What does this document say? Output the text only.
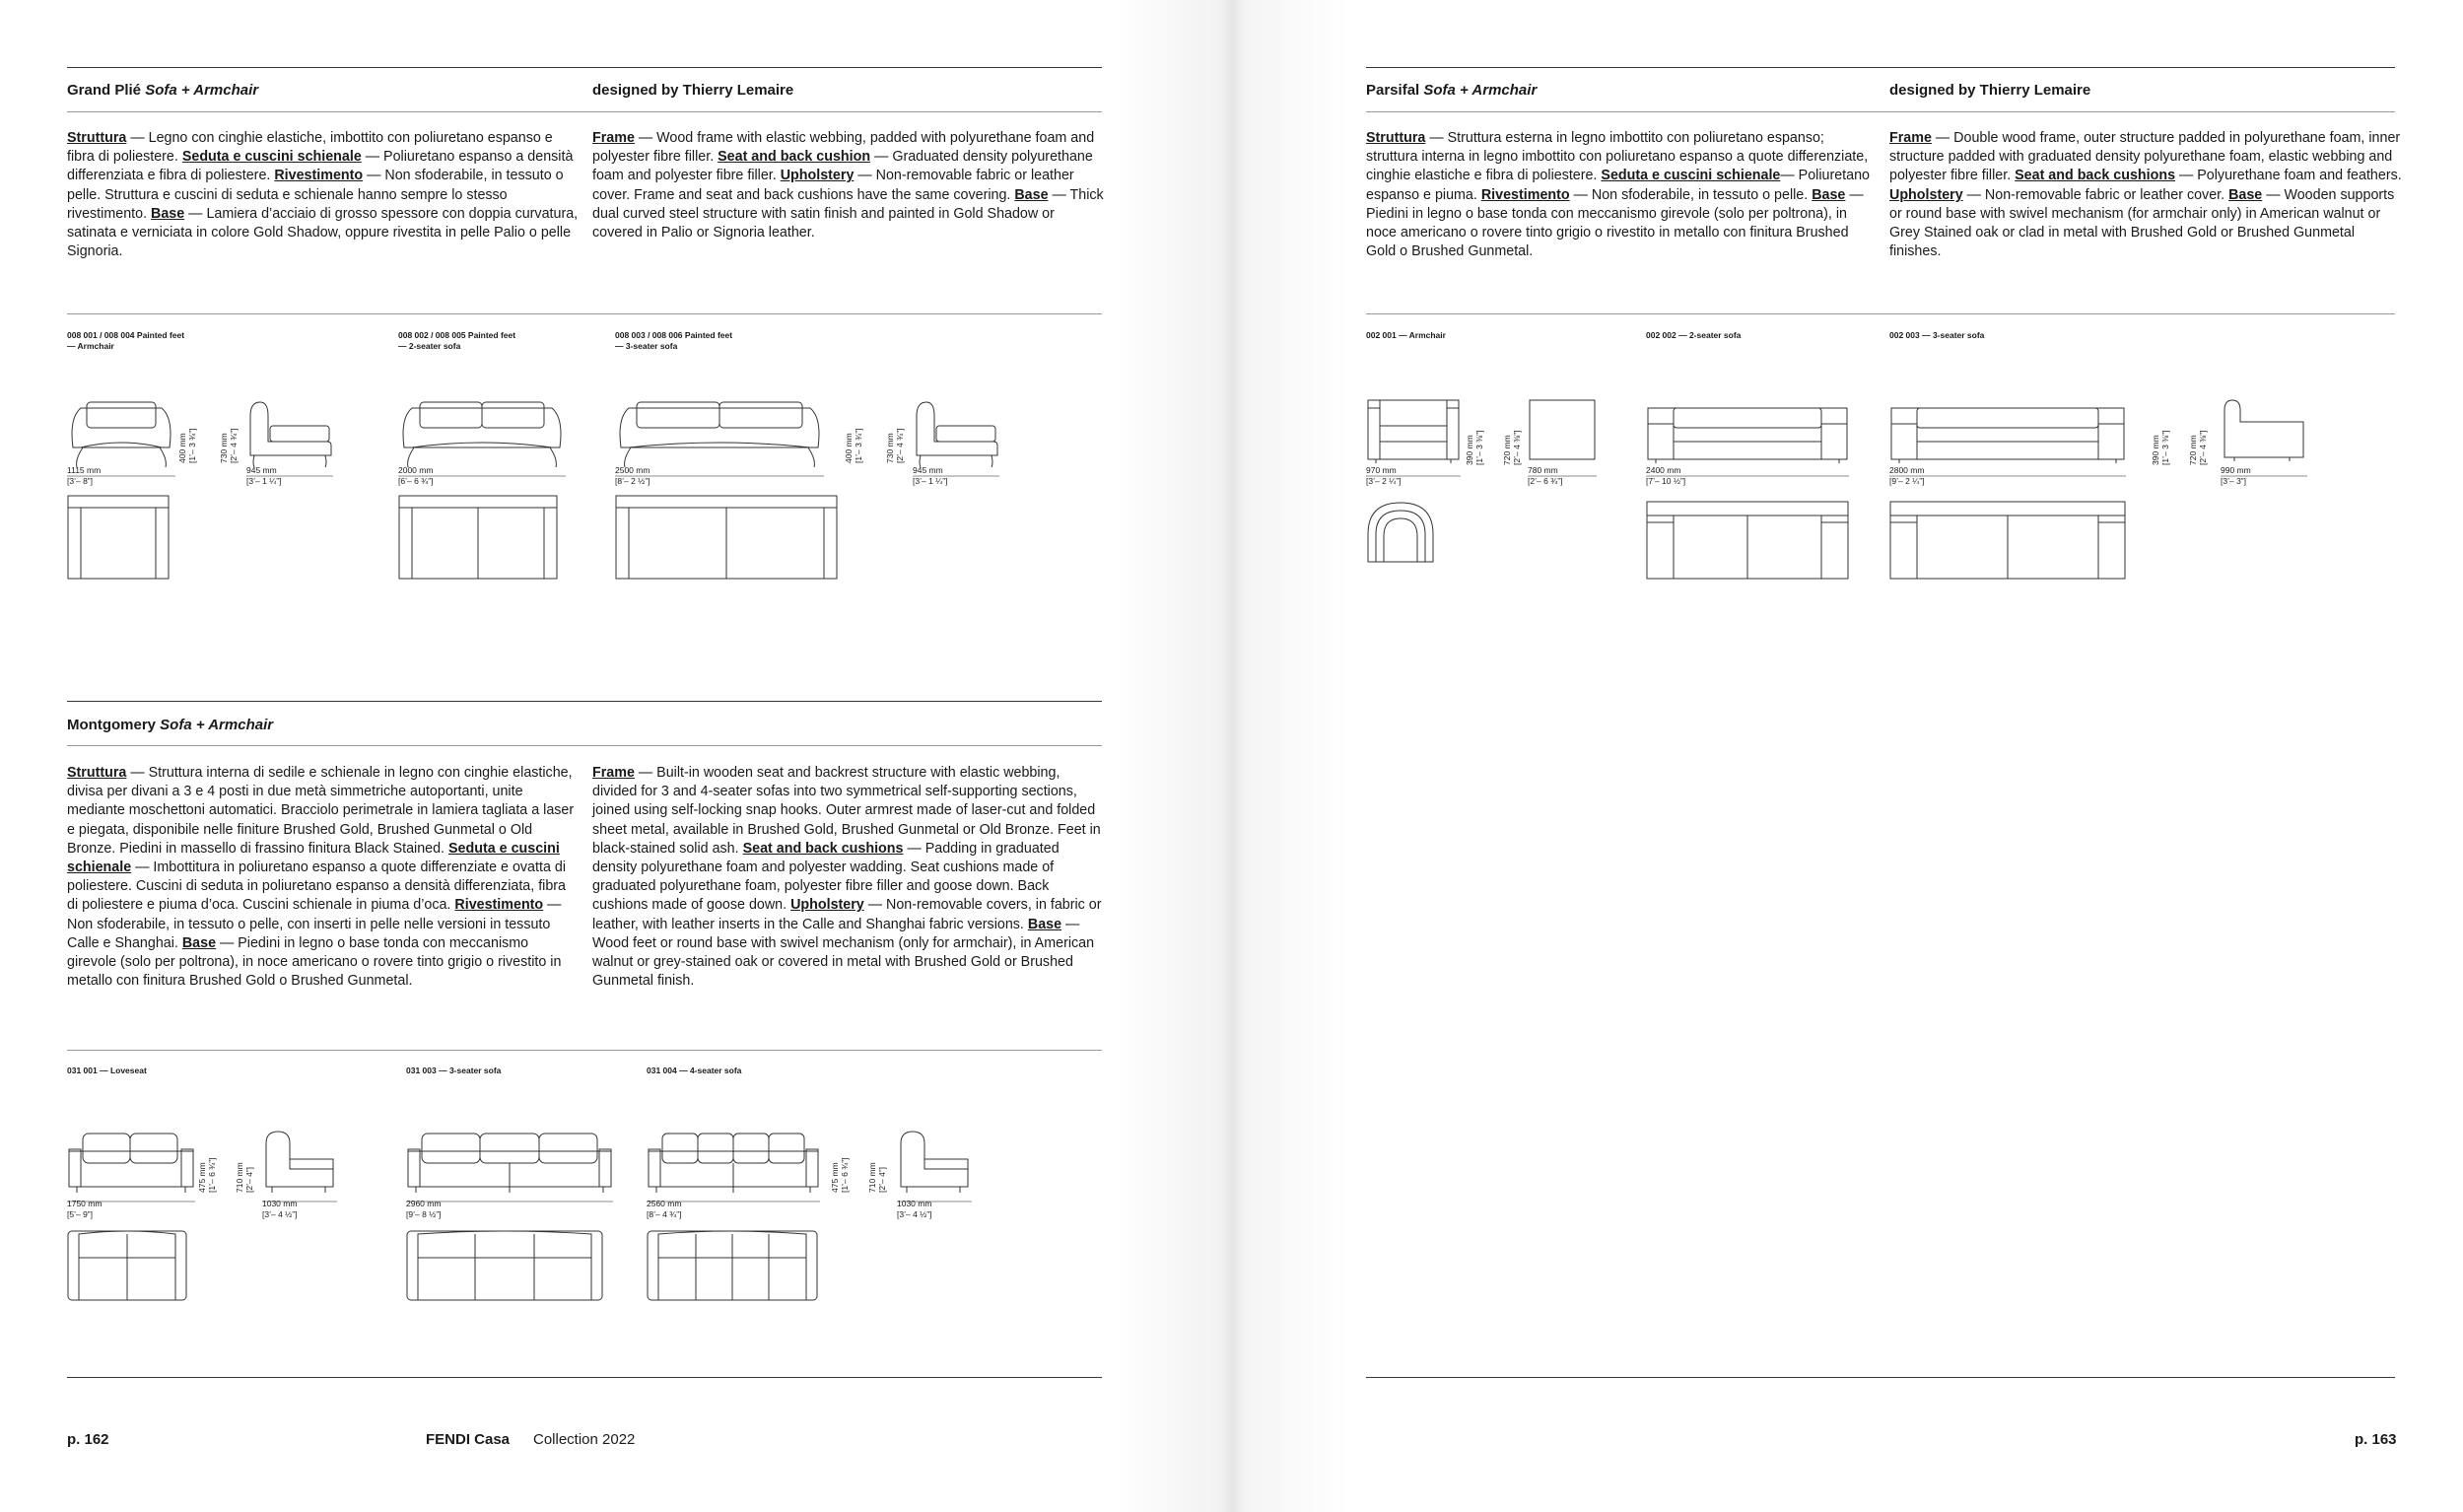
Grand Plié Sofa + Armchair	designed by Thierry Lemaire
Struttura — Legno con cinghie elastiche, imbottito con poliuretano espanso e fibra di poliestere. Seduta e cuscini schienale — Poliuretano espanso a densità differenziata e fibra di poliestere. Rivestimento — Non sfoderabile, in tessuto o pelle. Struttura e cuscini di seduta e schienale hanno sempre lo stesso rivestimento. Base — Lamiera d’acciaio di grosso spessore con doppia curvatura, satinata e verniciata in colore Gold Shadow, oppure rivestita in pelle Palio o pelle Signoria.
Frame — Wood frame with elastic webbing, padded with polyurethane foam and polyester fibre filler. Seat and back cushion — Graduated density polyurethane foam and polyester fibre filler. Upholstery — Non-removable fabric or leather cover. Frame and seat and back cushions have the same covering. Base — Thick dual curved steel structure with satin finish and painted in Gold Shadow or covered in Palio or Signoria leather.
008 001 / 008 004 Painted feet
— Armchair
008 002 / 008 005 Painted feet
— 2-seater sofa
008 003 / 008 006 Painted feet
— 3-seater sofa
1115 mm
[3’– 8”]
945 mm
[3’– 1 ¼”]
2000 mm
[6’– 6 ¾”]
2500 mm
[8’– 2 ½”]
945 mm
[3’– 1 ¼”]
400 mm [1’– 3 ¾”]	730 mm [2’– 4 ¾”]	400 mm [1’– 3 ¾”]	730 mm [2’– 4 ¾”]
Montgomery Sofa + Armchair
Struttura — Struttura interna di sedile e schienale in legno con cinghie elastiche, divisa per divani a 3 e 4 posti in due metà simmetriche autoportanti, unite mediante moschettoni automatici. Bracciolo perimetrale in lamiera tagliata a laser e piegata, disponibile nelle finiture Brushed Gold, Brushed Gunmetal o Old Bronze. Piedini in massello di frassino finitura Black Stained. Seduta e cuscini schienale — Imbottitura in poliuretano espanso a quote differenziate e ovatta di poliestere. Cuscini di seduta in poliuretano espanso a densità differenziata, fibra di poliestere e piuma d’oca. Cuscini schienale in piuma d’oca. Rivestimento — Non sfoderabile, in tessuto o pelle, con inserti in pelle nelle versioni in tessuto Calle e Shanghai. Base — Piedini in legno o base tonda con meccanismo girevole (solo per poltrona), in noce americano o rovere tinto grigio o rivestito in metallo con finitura Brushed Gold o Brushed Gunmetal.
Frame — Built-in wooden seat and backrest structure with elastic webbing, divided for 3 and 4-seater sofas into two symmetrical self-supporting sections, joined using self-locking snap hooks. Outer armrest made of laser-cut and folded sheet metal, available in Brushed Gold, Brushed Gunmetal or Old Bronze. Feet in black-stained solid ash. Seat and back cushions — Padding in graduated density polyurethane foam and polyester wadding. Seat cushions made of graduated polyurethane foam, polyester fibre filler and goose down. Back cushions made of goose down. Upholstery — Non-removable covers, in fabric or leather, with leather inserts in the Calle and Shanghai fabric versions. Base — Wood feet or round base with swivel mechanism (only for armchair), in American walnut or grey-stained oak or covered in metal with Brushed Gold or Brushed Gunmetal finish.
031 001 — Loveseat	031 003 — 3-seater sofa	031 004 — 4-seater sofa
1750 mm
[5’– 9”]
1030 mm
[3’– 4 ½”]
2960 mm
[9’– 8 ½”]
2560 mm
[8’– 4 ¾”]
1030 mm
[3’– 4 ½”]
475 mm [1’– 6 ¾”] 710 mm [2’– 4”]	475 mm [1’– 6 ¾”] 710 mm [2’– 4”]
p. 162	FENDI Casa Collection 2022
Parsifal Sofa + Armchair	designed by Thierry Lemaire
Struttura — Struttura esterna in legno imbottito con poliuretano espanso; struttura interna in legno imbottito con poliuretano espanso a quote differenziate, cinghie elastiche e fibra di poliestere. Seduta e cuscini schienale— Poliuretano espanso e piuma. Rivestimento — Non sfoderabile, in tessuto o pelle. Base — Piedini in legno o base tonda con meccanismo girevole (solo per poltrona), in noce americano o rovere tinto grigio o rivestito in metallo con finitura Brushed Gold o Brushed Gunmetal.
Frame — Double wood frame, outer structure padded in polyurethane foam, inner structure padded with graduated density polyurethane foam, elastic webbing and polyester fibre filler. Seat and back cushions — Polyurethane foam and feathers. Upholstery — Non-removable fabric or leather cover. Base — Wooden supports or round base with swivel mechanism (for armchair only) in American walnut or Grey Stained oak or clad in metal with Brushed Gold or Brushed Gunmetal finishes.
002 001 — Armchair	002 002 — 2-seater sofa	002 003 — 3-seater sofa
970 mm
[3’– 2 ¼”]
780 mm
[2’– 6 ¾”]
2400 mm
[7’– 10 ½”]
2800 mm
[9’– 2 ¼”]
990 mm
[3’– 3”]
390 mm [1’– 3 ⅜”] 720 mm [2’– 4 ⅜”]	390 mm [1’– 3 ⅜”] 720 mm [2’– 4 ⅜”]
p. 163
